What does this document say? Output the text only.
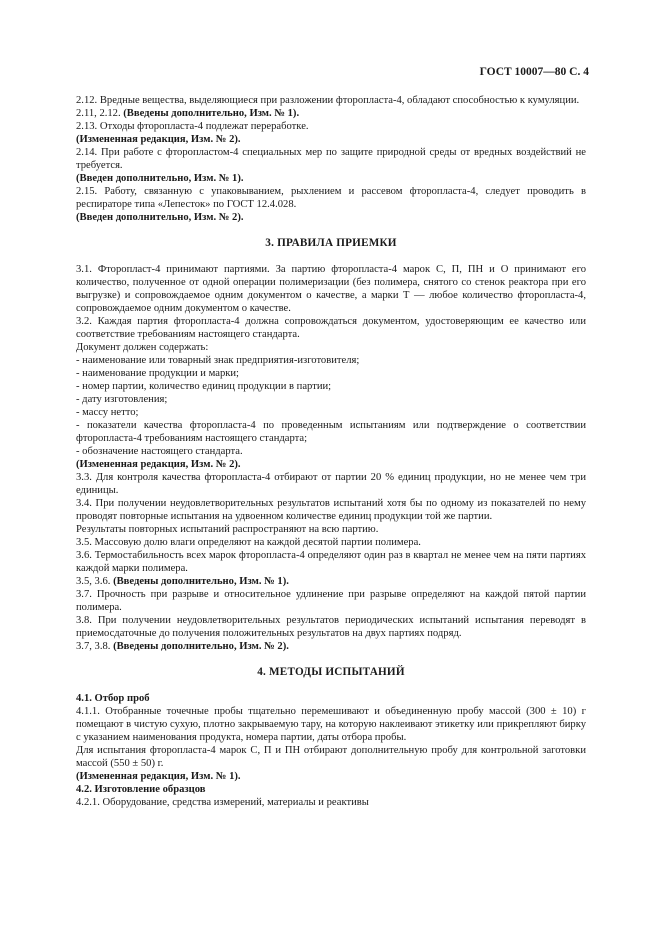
ГОСТ 10007—80 С. 4

2.12. Вредные вещества, выделяющиеся при разложении фторопласта-4, обладают способностью к кумуляции.

2.11, 2.12. (Введены дополнительно, Изм. № 1).

2.13. Отходы фторопласта-4 подлежат переработке.

(Измененная редакция, Изм. № 2).

2.14. При работе с фторопластом-4 специальных мер по защите природной среды от вредных воздействий не требуется.

(Введен дополнительно, Изм. № 1).

2.15. Работу, связанную с упаковыванием, рыхлением и рассевом фторопласта-4, следует проводить в респираторе типа «Лепесток» по ГОСТ 12.4.028.

(Введен дополнительно, Изм. № 2).

3. ПРАВИЛА ПРИЕМКИ

3.1. Фторопласт-4 принимают партиями. За партию фторопласта-4 марок С, П, ПН и О принимают его количество, полученное от одной операции полимеризации (без полимера, снятого со стенок реактора при его выгрузке) и сопровождаемое одним документом о качестве, а марки Т — любое количество фторопласта-4, сопровождаемое одним документом о качестве.

3.2. Каждая партия фторопласта-4 должна сопровождаться документом, удостоверяющим ее качество или соответствие требованиям настоящего стандарта.

Документ должен содержать:

- наименование или товарный знак предприятия-изготовителя;

- наименование продукции и марки;

- номер партии, количество единиц продукции в партии;

- дату изготовления;

- массу нетто;

- показатели качества фторопласта-4 по проведенным испытаниям или подтверждение о соответствии фторопласта-4 требованиям настоящего стандарта;

- обозначение настоящего стандарта.

(Измененная редакция, Изм. № 2).

3.3. Для контроля качества фторопласта-4 отбирают от партии 20 % единиц продукции, но не менее чем три единицы.

3.4. При получении неудовлетворительных результатов испытаний хотя бы по одному из показателей по нему проводят повторные испытания на удвоенном количестве единиц продукции той же партии.

Результаты повторных испытаний распространяют на всю партию.

3.5. Массовую долю влаги определяют на каждой десятой партии полимера.

3.6. Термостабильность всех марок фторопласта-4 определяют один раз в квартал не менее чем на пяти партиях каждой марки полимера.

3.5, 3.6. (Введены дополнительно, Изм. № 1).

3.7. Прочность при разрыве и относительное удлинение при разрыве определяют на каждой пятой партии полимера.

3.8. При получении неудовлетворительных результатов периодических испытаний испытания переводят в приемосдаточные до получения положительных результатов на двух партиях подряд.

3.7, 3.8. (Введены дополнительно, Изм. № 2).

4. МЕТОДЫ ИСПЫТАНИЙ

4.1. Отбор проб

4.1.1. Отобранные точечные пробы тщательно перемешивают и объединенную пробу массой (300 ± 10) г помещают в чистую сухую, плотно закрываемую тару, на которую наклеивают этикетку или прикрепляют бирку с указанием наименования продукта, номера партии, даты отбора пробы.

Для испытания фторопласта-4 марок С, П и ПН отбирают дополнительную пробу для контрольной заготовки массой (550 ± 50) г.

(Измененная редакция, Изм. № 1).

4.2. Изготовление образцов

4.2.1. Оборудование, средства измерений, материалы и реактивы
